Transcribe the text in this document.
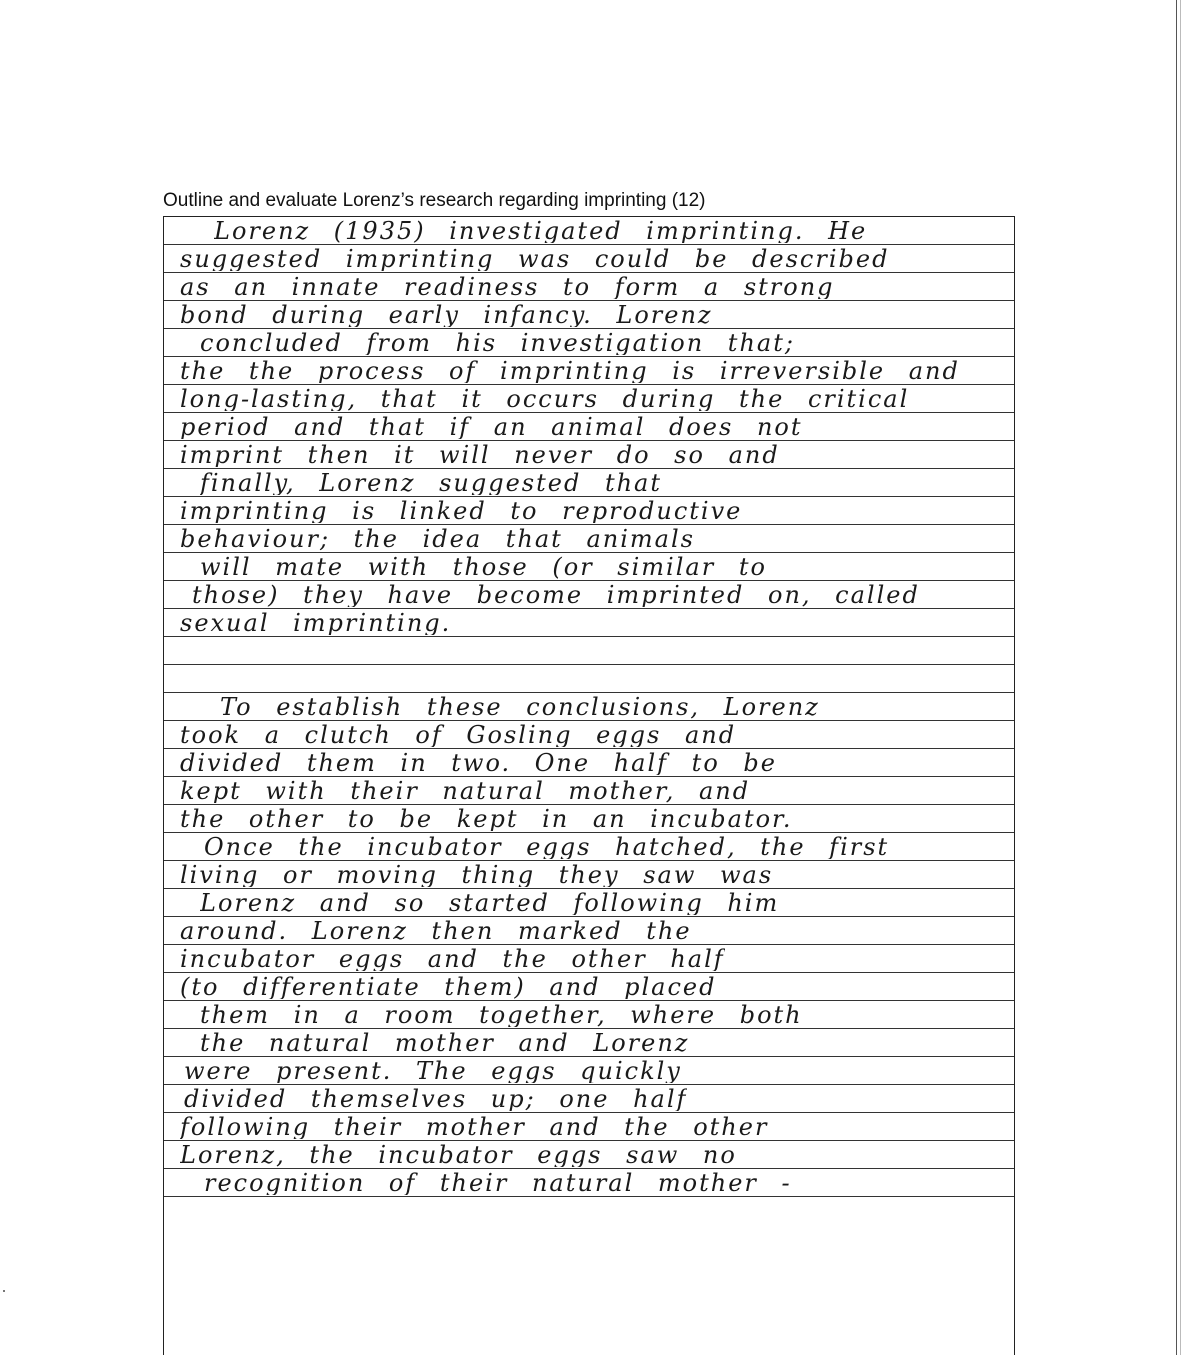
Outline and evaluate Lorenz’s research regarding imprinting (12)
Lorenz (1935) investigated imprinting. He
suggested imprinting was could be described
as an innate readiness to form a strong
bond during early infancy. Lorenz
concluded from his investigation that;
the the process of imprinting is irreversible and
long-lasting, that it occurs during the critical
period and that if an animal does not
imprint then it will never do so and
finally, Lorenz suggested that
imprinting is linked to reproductive
behaviour; the idea that animals
will mate with those (or similar to
those) they have become imprinted on, called
sexual imprinting.
To establish these conclusions, Lorenz
took a clutch of Gosling eggs and
divided them in two. One half to be
kept with their natural mother, and
the other to be kept in an incubator.
Once the incubator eggs hatched, the first
living or moving thing they saw was
Lorenz and so started following him
around. Lorenz then marked the
incubator eggs and the other half
(to differentiate them) and placed
them in a room together, where both
the natural mother and Lorenz
were present. The eggs quickly
divided themselves up; one half
following their mother and the other
Lorenz, the incubator eggs saw no
recognition of their natural mother -
